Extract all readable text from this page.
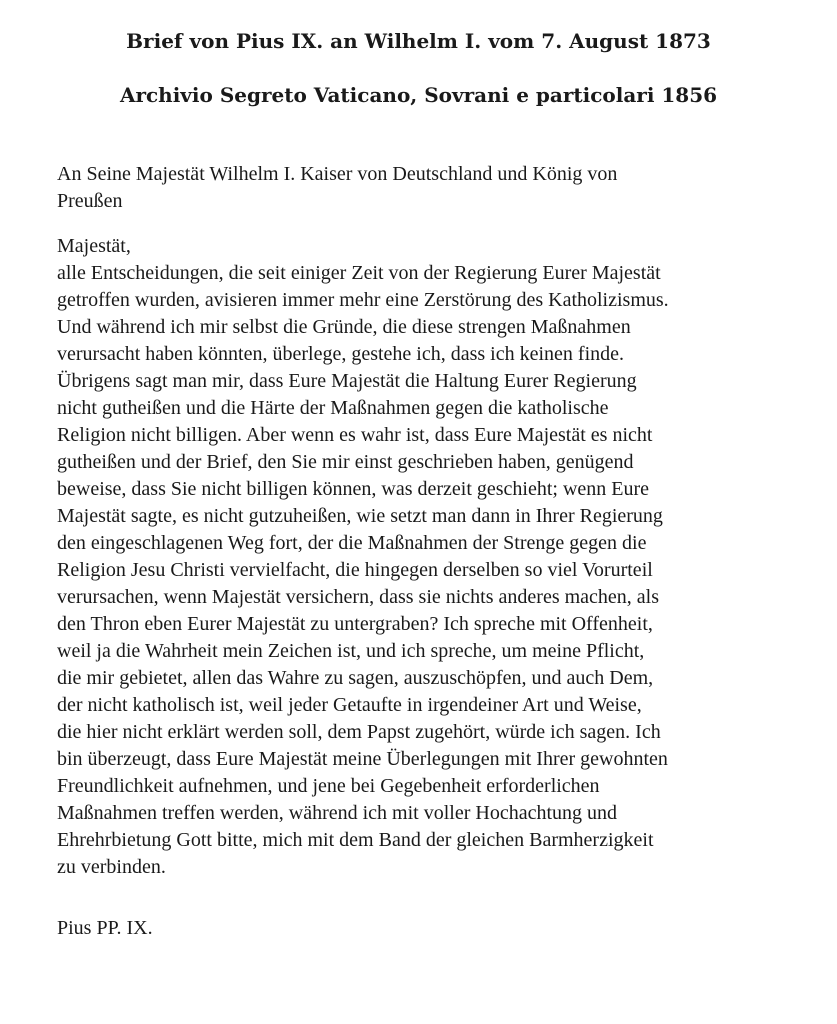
Brief von Pius IX. an Wilhelm I. vom 7. August 1873
Archivio Segreto Vaticano, Sovrani e particolari 1856
An Seine Majestät Wilhelm I. Kaiser von Deutschland und König von
Preußen
Majestät,
alle Entscheidungen, die seit einiger Zeit von der Regierung Eurer Majestät
getroffen wurden, avisieren immer mehr eine Zerstörung des Katholizismus.
Und während ich mir selbst die Gründe, die diese strengen Maßnahmen
verursacht haben könnten, überlege, gestehe ich, dass ich keinen finde.
Übrigens sagt man mir, dass Eure Majestät die Haltung Eurer Regierung
nicht gutheißen und die Härte der Maßnahmen gegen die katholische
Religion nicht billigen. Aber wenn es wahr ist, dass Eure Majestät es nicht
gutheißen und der Brief, den Sie mir einst geschrieben haben, genügend
beweise, dass Sie nicht billigen können, was derzeit geschieht; wenn Eure
Majestät sagte, es nicht gutzuheißen, wie setzt man dann in Ihrer Regierung
den eingeschlagenen Weg fort, der die Maßnahmen der Strenge gegen die
Religion Jesu Christi vervielfacht, die hingegen derselben so viel Vorurteil
verursachen, wenn Majestät versichern, dass sie nichts anderes machen, als
den Thron eben Eurer Majestät zu untergraben? Ich spreche mit Offenheit,
weil ja die Wahrheit mein Zeichen ist, und ich spreche, um meine Pflicht,
die mir gebietet, allen das Wahre zu sagen, auszuschöpfen, und auch Dem,
der nicht katholisch ist, weil jeder Getaufte in irgendeiner Art und Weise,
die hier nicht erklärt werden soll, dem Papst zugehört, würde ich sagen. Ich
bin überzeugt, dass Eure Majestät meine Überlegungen mit Ihrer gewohnten
Freundlichkeit aufnehmen, und jene bei Gegebenheit erforderlichen
Maßnahmen treffen werden, während ich mit voller Hochachtung und
Ehrehrbietung Gott bitte, mich mit dem Band der gleichen Barmherzigkeit
zu verbinden.
Pius PP. IX.
